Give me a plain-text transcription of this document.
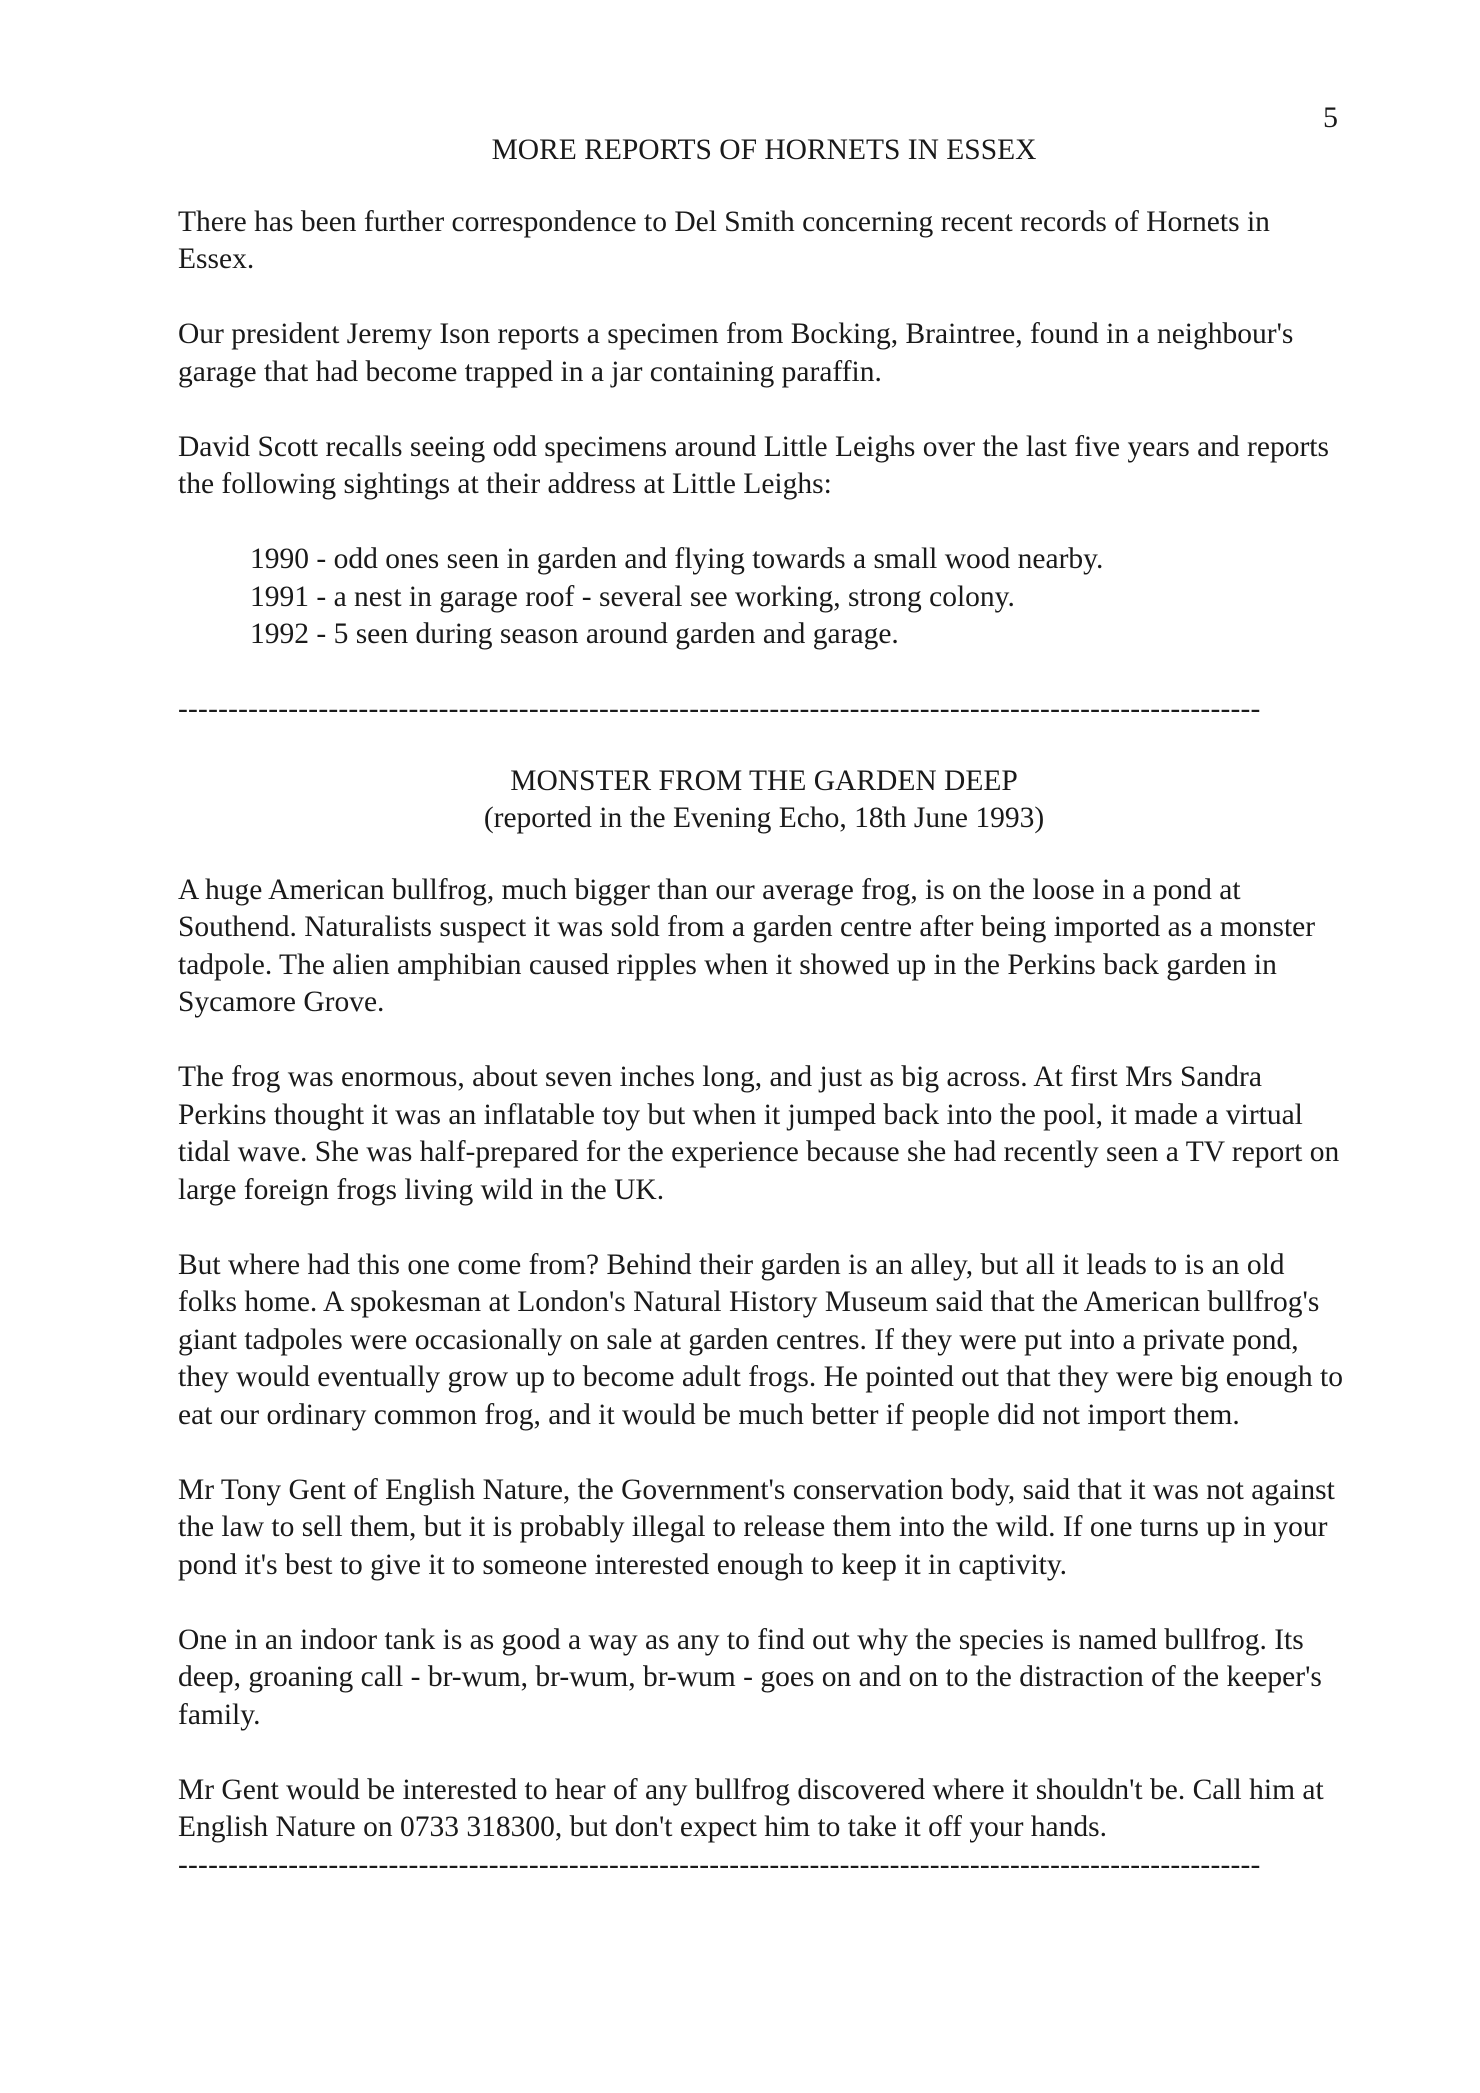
5
MORE REPORTS OF HORNETS IN ESSEX

There has been further correspondence to Del Smith concerning recent records of Hornets in Essex.

Our president Jeremy Ison reports a specimen from Bocking, Braintree, found in a neighbour's garage that had become trapped in a jar containing paraffin.

David Scott recalls seeing odd specimens around Little Leighs over the last five years and reports the following sightings at their address at Little Leighs:

1990 - odd ones seen in garden and flying towards a small wood nearby.
1991 - a nest in garage roof - several see working, strong colony.
1992 - 5 seen during season around garden and garage.
------------------------------------------------------------------------------------------------------------
MONSTER FROM THE GARDEN DEEP
(reported in the Evening Echo, 18th June 1993)

A huge American bullfrog, much bigger than our average frog, is on the loose in a pond at Southend. Naturalists suspect it was sold from a garden centre after being imported as a monster tadpole. The alien amphibian caused ripples when it showed up in the Perkins back garden in Sycamore Grove.

The frog was enormous, about seven inches long, and just as big across. At first Mrs Sandra Perkins thought it was an inflatable toy but when it jumped back into the pool, it made a virtual tidal wave. She was half-prepared for the experience because she had recently seen a TV report on large foreign frogs living wild in the UK.

But where had this one come from? Behind their garden is an alley, but all it leads to is an old folks home. A spokesman at London's Natural History Museum said that the American bullfrog's giant tadpoles were occasionally on sale at garden centres. If they were put into a private pond, they would eventually grow up to become adult frogs. He pointed out that they were big enough to eat our ordinary common frog, and it would be much better if people did not import them.

Mr Tony Gent of English Nature, the Government's conservation body, said that it was not against the law to sell them, but it is probably illegal to release them into the wild. If one turns up in your pond it's best to give it to someone interested enough to keep it in captivity.

One in an indoor tank is as good a way as any to find out why the species is named bullfrog. Its deep, groaning call - br-wum, br-wum, br-wum - goes on and on to the distraction of the keeper's family.

Mr Gent would be interested to hear of any bullfrog discovered where it shouldn't be. Call him at English Nature on 0733 318300, but don't expect him to take it off your hands.

------------------------------------------------------------------------------------------------------------
